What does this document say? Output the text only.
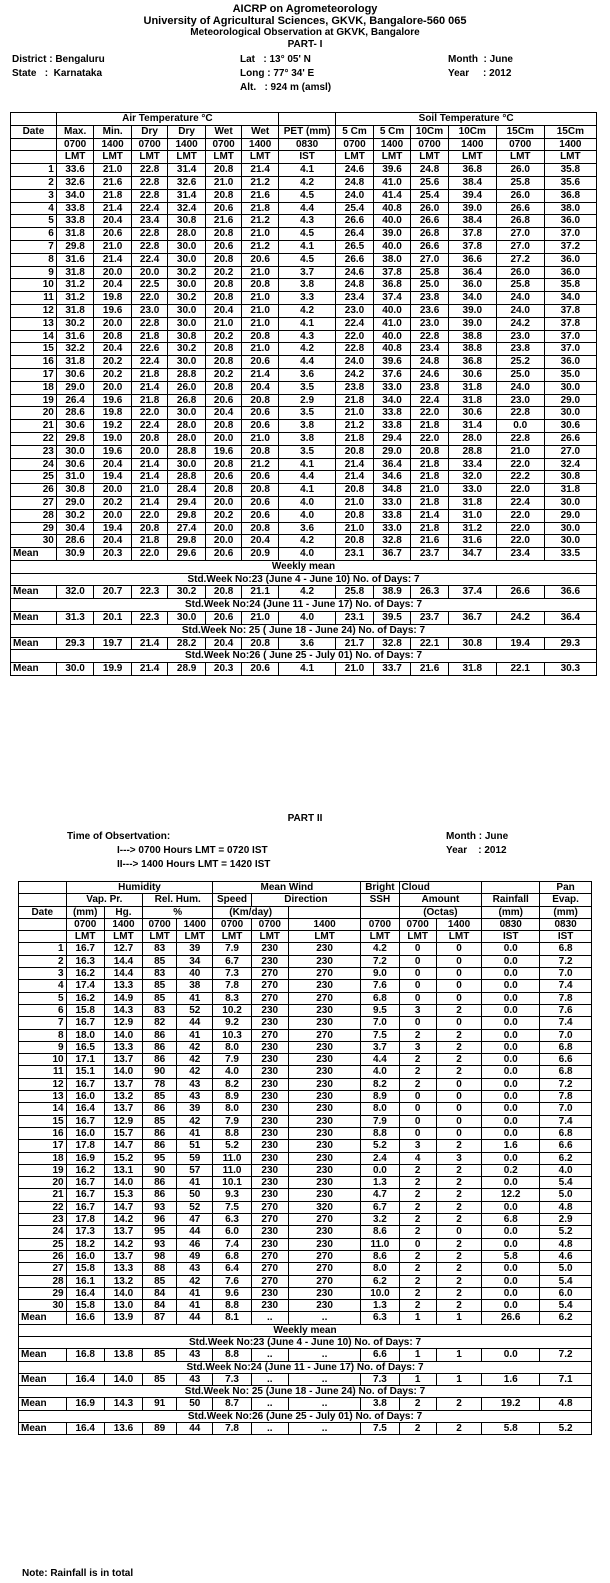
AICRP on Agrometeorology
University of Agricultural Sciences, GKVK, Bangalore-560 065
Meteorological Observation at GKVK, Bangalore
PART- I
District : Bengaluru
State   :  Karnataka
Lat   : 13° 05' N
Long : 77° 34' E
Alt.   : 924 m (amsl)
Month  : June
Year     : 2012
	Air Temperature °C							Soil Temperature °C					
Date	Max.	Min.	Dry	Dry	Wet	Wet	PET (mm)	5 Cm	5 Cm	10Cm	10Cm	15Cm	15Cm
	0700	1400	0700	1400	0700	1400	0830	0700	1400	0700	1400	0700	1400
	LMT	LMT	LMT	LMT	LMT	LMT	IST	LMT	LMT	LMT	LMT	LMT	LMT
1	33.6	21.0	22.8	31.4	20.8	21.4	4.1	24.6	39.6	24.8	36.8	26.0	35.8
2	32.6	21.6	22.8	32.6	21.0	21.2	4.2	24.8	41.0	25.6	38.4	25.8	35.6
3	34.0	21.8	22.8	31.4	20.8	21.6	4.5	24.0	41.4	25.4	39.4	26.0	36.8
4	33.8	21.4	22.4	32.4	20.6	21.8	4.4	25.4	40.8	26.0	39.0	26.6	38.0
5	33.8	20.4	23.4	30.8	21.6	21.2	4.3	26.6	40.0	26.6	38.4	26.8	36.0
6	31.8	20.6	22.8	28.0	20.8	21.0	4.5	26.4	39.0	26.8	37.8	27.0	37.0
7	29.8	21.0	22.8	30.0	20.6	21.2	4.1	26.5	40.0	26.6	37.8	27.0	37.2
8	31.6	21.4	22.4	30.0	20.8	20.6	4.5	26.6	38.0	27.0	36.6	27.2	36.0
9	31.8	20.0	20.0	30.2	20.2	21.0	3.7	24.6	37.8	25.8	36.4	26.0	36.0
10	31.2	20.4	22.5	30.0	20.8	20.8	3.8	24.8	36.8	25.0	36.0	25.8	35.8
11	31.2	19.8	22.0	30.2	20.8	21.0	3.3	23.4	37.4	23.8	34.0	24.0	34.0
12	31.8	19.6	23.0	30.0	20.4	21.0	4.2	23.0	40.0	23.6	39.0	24.0	37.8
13	30.2	20.0	22.8	30.0	21.0	21.0	4.1	22.4	41.0	23.0	39.0	24.2	37.8
14	31.6	20.8	21.8	30.8	20.2	20.8	4.3	22.0	40.0	22.8	38.8	23.0	37.0
15	32.2	20.4	22.6	30.2	20.8	21.0	4.2	22.8	40.8	23.4	38.8	23.8	37.0
16	31.8	20.2	22.4	30.0	20.8	20.6	4.4	24.0	39.6	24.8	36.8	25.2	36.0
17	30.6	20.2	21.8	28.8	20.2	21.4	3.6	24.2	37.6	24.6	30.6	25.0	35.0
18	29.0	20.0	21.4	26.0	20.8	20.4	3.5	23.8	33.0	23.8	31.8	24.0	30.0
19	26.4	19.6	21.8	26.8	20.6	20.8	2.9	21.8	34.0	22.4	31.8	23.0	29.0
20	28.6	19.8	22.0	30.0	20.4	20.6	3.5	21.0	33.8	22.0	30.6	22.8	30.0
21	30.6	19.2	22.4	28.0	20.8	20.6	3.8	21.2	33.8	21.8	31.4	0.0	30.6
22	29.8	19.0	20.8	28.0	20.0	21.0	3.8	21.8	29.4	22.0	28.0	22.8	26.6
23	30.0	19.6	20.0	28.8	19.6	20.8	3.5	20.8	29.0	20.8	28.8	21.0	27.0
24	30.6	20.4	21.4	30.0	20.8	21.2	4.1	21.4	36.4	21.8	33.4	22.0	32.4
25	31.0	19.4	21.4	28.8	20.6	20.6	4.4	21.4	34.6	21.8	32.0	22.2	30.8
26	30.8	20.0	21.0	28.4	20.8	20.8	4.1	20.8	34.8	21.0	33.0	22.0	31.8
27	29.0	20.2	21.4	29.4	20.0	20.6	4.0	21.0	33.0	21.8	31.8	22.4	30.0
28	30.2	20.0	22.0	29.8	20.2	20.6	4.0	20.8	33.8	21.4	31.0	22.0	29.0
29	30.4	19.4	20.8	27.4	20.0	20.8	3.6	21.0	33.0	21.8	31.2	22.0	30.0
30	28.6	20.4	21.8	29.8	20.0	20.4	4.2	20.8	32.8	21.6	31.6	22.0	30.0
Mean	30.9	20.3	22.0	29.6	20.6	20.9	4.0	23.1	36.7	23.7	34.7	23.4	33.5
Weekly mean													
Std.Week No:23 (June 4 - June 10) No. of Days: 7													
Mean	32.0	20.7	22.3	30.2	20.8	21.1	4.2	25.8	38.9	26.3	37.4	26.6	36.6
Std.Week No:24 (June 11 - June 17) No. of Days: 7													
Mean	31.3	20.1	22.3	30.0	20.6	21.0	4.0	23.1	39.5	23.7	36.7	24.2	36.4
Std.Week No: 25 ( June 18 - June 24) No. of Days: 7													
Mean	29.3	19.7	21.4	28.2	20.4	20.8	3.6	21.7	32.8	22.1	30.8	19.4	29.3
Std.Week No:26 ( June 25 - July 01) No. of Days: 7													
Mean	30.0	19.9	21.4	28.9	20.3	20.6	4.1	21.0	33.7	21.6	31.8	22.1	30.3
PART II
Time of Obsertvation:
I---> 0700 Hours LMT = 0720 IST
II---> 1400 Hours LMT = 1420 IST
Month : June
Year    : 2012
	Humidity				Mean Wind			Bright	Cloud			Pan
	Vap. Pr.		Rel. Hum.		Speed	Direction		SSH	Amount		Rainfall	Evap.
Date	(mm)	Hg.	%		(Km/day)				(Octas)		(mm)	(mm)
	0700	1400	0700	1400	0700	0700	1400	0700	0700	1400	0830	0830
	LMT	LMT	LMT	LMT	LMT	LMT	LMT	LMT	LMT	LMT	IST	IST
1	16.7	12.7	83	39	7.9	230	230	4.2	0	0	0.0	6.8
2	16.3	14.4	85	34	6.7	230	230	7.2	0	0	0.0	7.2
3	16.2	14.4	83	40	7.3	270	270	9.0	0	0	0.0	7.0
4	17.4	13.3	85	38	7.8	270	230	7.6	0	0	0.0	7.4
5	16.2	14.9	85	41	8.3	270	270	6.8	0	0	0.0	7.8
6	15.8	14.3	83	52	10.2	230	230	9.5	3	2	0.0	7.6
7	16.7	12.9	82	44	9.2	230	230	7.0	0	0	0.0	7.4
8	18.0	14.0	86	41	10.3	270	270	7.5	2	2	0.0	7.0
9	16.5	13.3	86	42	8.0	230	230	3.7	3	2	0.0	6.8
10	17.1	13.7	86	42	7.9	230	230	4.4	2	2	0.0	6.6
11	15.1	14.0	90	42	4.0	230	230	4.0	2	2	0.0	6.8
12	16.7	13.7	78	43	8.2	230	230	8.2	2	0	0.0	7.2
13	16.0	13.2	85	43	8.9	230	230	8.9	0	0	0.0	7.8
14	16.4	13.7	86	39	8.0	230	230	8.0	0	0	0.0	7.0
15	16.7	12.9	85	42	7.9	230	230	7.9	0	0	0.0	7.4
16	16.0	15.7	86	41	8.8	230	230	8.8	0	0	0.0	6.8
17	17.8	14.7	86	51	5.2	230	230	5.2	3	2	1.6	6.6
18	16.9	15.2	95	59	11.0	230	230	2.4	4	3	0.0	6.2
19	16.2	13.1	90	57	11.0	230	230	0.0	2	2	0.2	4.0
20	16.7	14.0	86	41	10.1	230	230	1.3	2	2	0.0	5.4
21	16.7	15.3	86	50	9.3	230	230	4.7	2	2	12.2	5.0
22	16.7	14.7	93	52	7.5	270	320	6.7	2	2	0.0	4.8
23	17.8	14.2	96	47	6.3	270	270	3.2	2	2	6.8	2.9
24	17.3	13.7	95	44	6.0	230	230	8.6	2	0	0.0	5.2
25	18.2	14.2	93	46	7.4	230	230	11.0	0	2	0.0	4.8
26	16.0	13.7	98	49	6.8	270	270	8.6	2	2	5.8	4.6
27	15.8	13.3	88	43	6.4	270	270	8.0	2	2	0.0	5.0
28	16.1	13.2	85	42	7.6	270	270	6.2	2	2	0.0	5.4
29	16.4	14.0	84	41	9.6	230	230	10.0	2	2	0.0	6.0
30	15.8	13.0	84	41	8.8	230	230	1.3	2	2	0.0	5.4
Mean	16.6	13.9	87	44	8.1	..	..	6.3	1	1	26.6	6.2
Weekly mean												
Std.Week No:23 (June 4 - June 10) No. of Days: 7												
Mean	16.8	13.8	85	43	8.8	..	..	6.6	1	1	0.0	7.2
Std.Week No:24 (June 11 - June 17) No. of Days: 7												
Mean	16.4	14.0	85	43	7.3	..	..	7.3	1	1	1.6	7.1
Std.Week No: 25 (June 18 - June 24) No. of Days: 7												
Mean	16.9	14.3	91	50	8.7	..	..	3.8	2	2	19.2	4.8
Std.Week No:26 (June 25 - July 01) No. of Days: 7												
Mean	16.4	13.6	89	44	7.8	..	..	7.5	2	2	5.8	5.2
Note: Rainfall is in total
